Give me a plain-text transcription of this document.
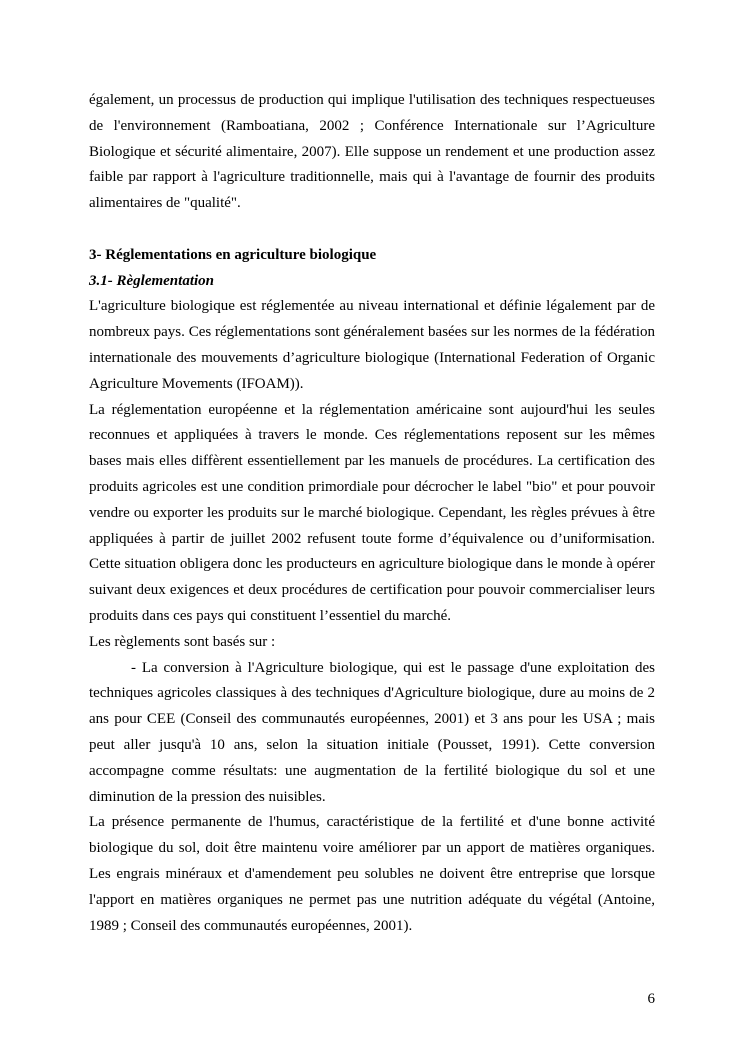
également, un processus de production qui implique l'utilisation des techniques respectueuses de l'environnement (Ramboatiana, 2002 ; Conférence Internationale sur l’Agriculture Biologique et sécurité alimentaire, 2007). Elle suppose un rendement et une production assez faible par rapport à l'agriculture traditionnelle, mais qui à l'avantage de fournir des produits alimentaires de "qualité".

3- Réglementations en agriculture biologique
3.1- Règlementation

L'agriculture biologique est réglementée au niveau international et définie légalement par de nombreux pays. Ces réglementations sont généralement basées sur les normes de la fédération internationale des mouvements d’agriculture biologique (International Federation of Organic Agriculture Movements (IFOAM)).

La réglementation européenne et la réglementation américaine sont aujourd'hui les seules reconnues et appliquées à travers le monde. Ces réglementations reposent sur les mêmes bases mais elles diffèrent essentiellement par les manuels de procédures. La certification des produits agricoles est une condition primordiale pour décrocher le label "bio" et pour pouvoir vendre ou exporter les produits sur le marché biologique. Cependant, les règles prévues à être appliquées à partir de juillet 2002 refusent toute forme d’équivalence ou d’uniformisation. Cette situation obligera donc les producteurs en agriculture biologique dans le monde à opérer suivant deux exigences et deux procédures de certification pour pouvoir commercialiser leurs produits dans ces pays qui constituent l’essentiel du marché.

Les règlements sont basés sur :

- La conversion à l'Agriculture biologique, qui est le passage d'une exploitation des techniques agricoles classiques à des techniques d'Agriculture biologique, dure au moins de 2 ans pour CEE (Conseil des communautés européennes, 2001) et 3 ans pour les USA ; mais peut aller jusqu'à 10 ans, selon la situation initiale (Pousset, 1991). Cette conversion accompagne comme résultats: une augmentation de la fertilité biologique du sol et une diminution de la pression des nuisibles.

La présence permanente de l'humus, caractéristique de la fertilité et d'une bonne activité biologique du sol, doit être maintenu voire améliorer par un apport de matières organiques. Les engrais minéraux et d'amendement peu solubles ne doivent être entreprise que lorsque l'apport en matières organiques ne permet pas une nutrition adéquate du végétal (Antoine, 1989 ; Conseil des communautés européennes, 2001).

6
